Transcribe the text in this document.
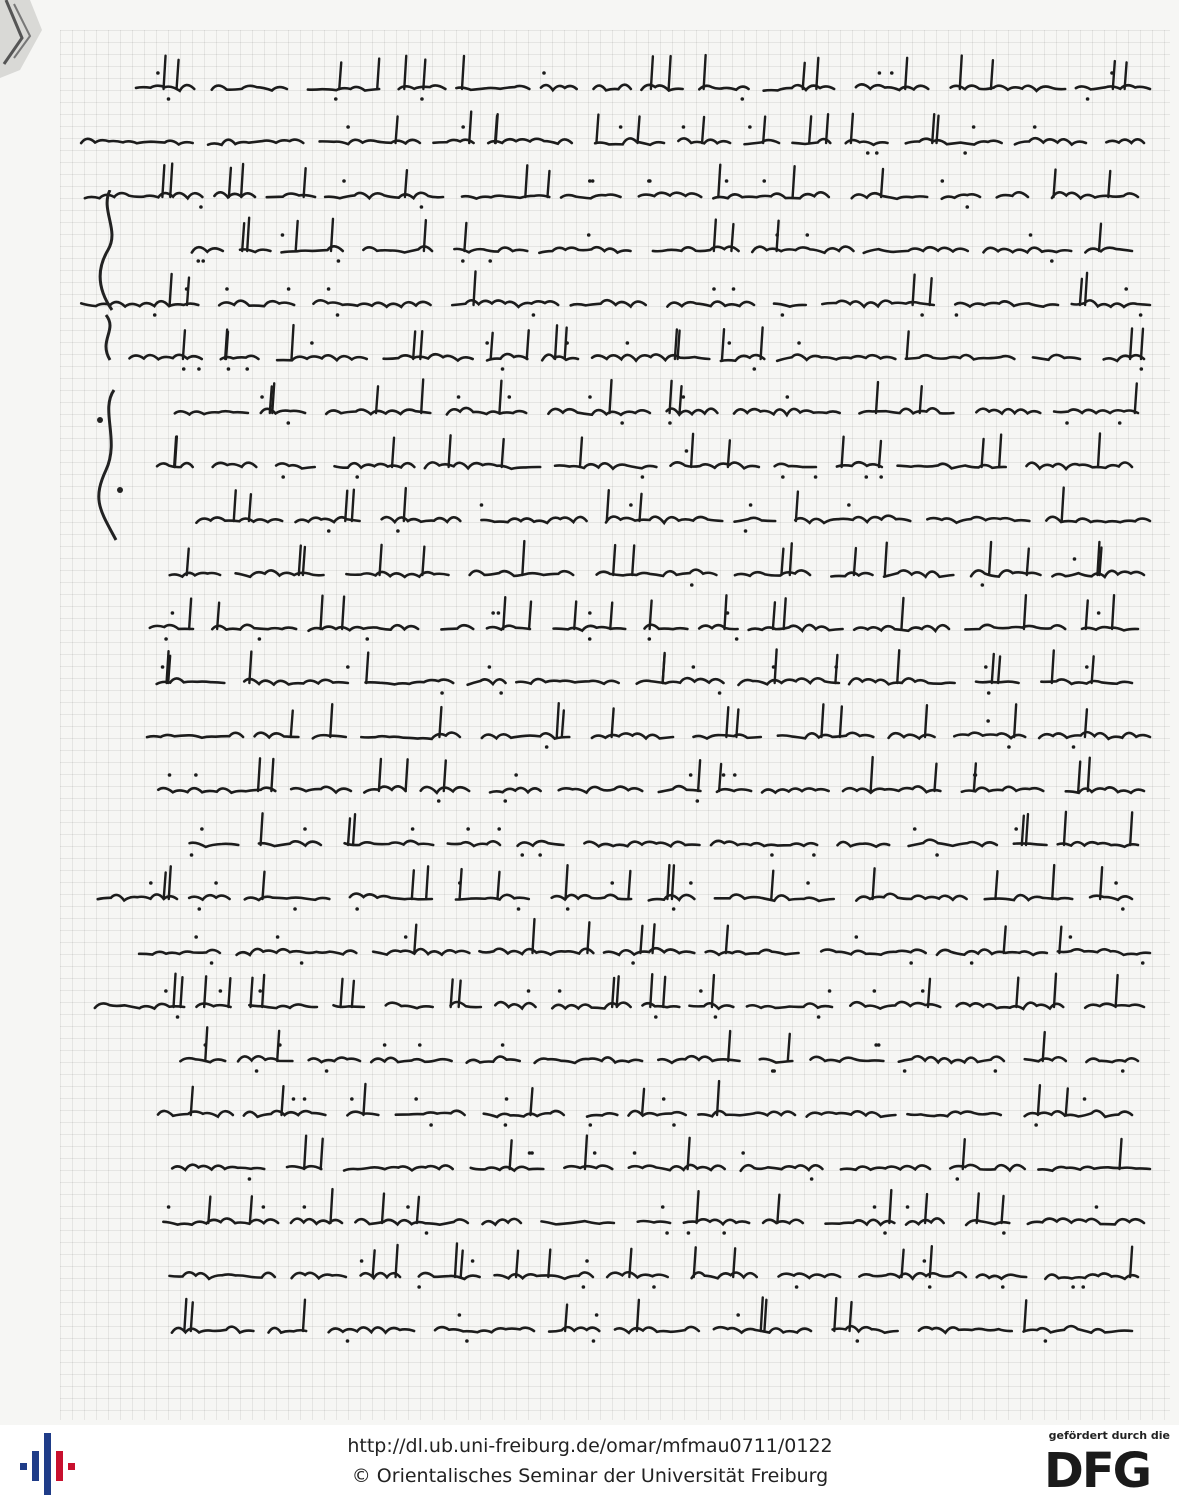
http://dl.ub.uni-freiburg.de/omar/mfmau0711/0122
© Orientalisches Seminar der Universität Freiburg
gefördert durch die
DFG
